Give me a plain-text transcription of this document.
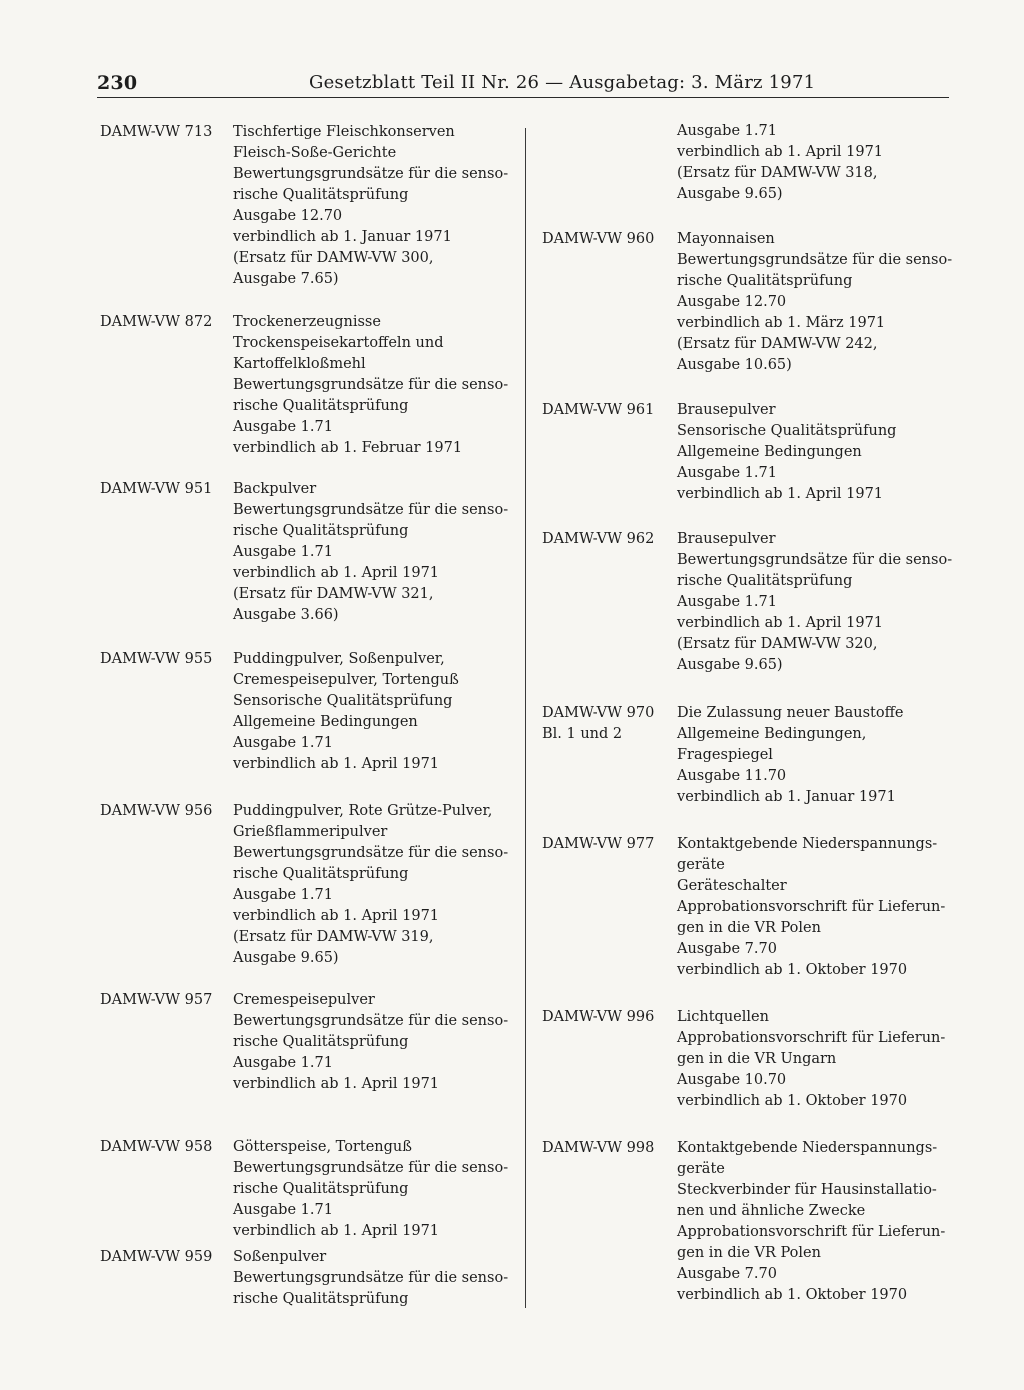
230	Gesetzblatt Teil II Nr. 26 — Ausgabetag: 3. März 1971
DAMW-VW 713 Tischfertige Fleischkonserven
Fleisch-Soße-Gerichte
Bewertungsgrundsätze für die senso-
rische Qualitätsprüfung
Ausgabe 12.70
verbindlich ab 1. Januar 1971
(Ersatz für DAMW-VW 300,
Ausgabe 7.65)
DAMW-VW 872 Trockenerzeugnisse
Trockenspeisekartoffeln und
Kartoffelkloßmehl
Bewertungsgrundsätze für die senso-
rische Qualitätsprüfung
Ausgabe 1.71
verbindlich ab 1. Februar 1971
DAMW-VW 951 Backpulver
Bewertungsgrundsätze für die senso-
rische Qualitätsprüfung
Ausgabe 1.71
verbindlich ab 1. April 1971
(Ersatz für DAMW-VW 321,
Ausgabe 3.66)
DAMW-VW 955 Puddingpulver, Soßenpulver,
Cremespeisepulver, Tortenguß
Sensorische Qualitätsprüfung
Allgemeine Bedingungen
Ausgabe 1.71
verbindlich ab 1. April 1971
DAMW-VW 956 Puddingpulver, Rote Grütze-Pulver,
Grießflammeripulver
Bewertungsgrundsätze für die senso-
rische Qualitätsprüfung
Ausgabe 1.71
verbindlich ab 1. April 1971
(Ersatz für DAMW-VW 319,
Ausgabe 9.65)
DAMW-VW 957 Cremespeisepulver
Bewertungsgrundsätze für die senso-
rische Qualitätsprüfung
Ausgabe 1.71
verbindlich ab 1. April 1971
DAMW-VW 958 Götterspeise, Tortenguß
Bewertungsgrundsätze für die senso-
rische Qualitätsprüfung
Ausgabe 1.71
verbindlich ab 1. April 1971
DAMW-VW 959 Soßenpulver
Bewertungsgrundsätze für die senso-
rische Qualitätsprüfung
Ausgabe 1.71
verbindlich ab 1. April 1971
(Ersatz für DAMW-VW 318,
Ausgabe 9.65)
DAMW-VW 960 Mayonnaisen
Bewertungsgrundsätze für die senso-
rische Qualitätsprüfung
Ausgabe 12.70
verbindlich ab 1. März 1971
(Ersatz für DAMW-VW 242,
Ausgabe 10.65)
DAMW-VW 961 Brausepulver
Sensorische Qualitätsprüfung
Allgemeine Bedingungen
Ausgabe 1.71
verbindlich ab 1. April 1971
DAMW-VW 962 Brausepulver
Bewertungsgrundsätze für die senso-
rische Qualitätsprüfung
Ausgabe 1.71
verbindlich ab 1. April 1971
(Ersatz für DAMW-VW 320,
Ausgabe 9.65)
DAMW-VW 970
Bl. 1 und 2
Die Zulassung neuer Baustoffe
Allgemeine Bedingungen,
Fragespiegel
Ausgabe 11.70
verbindlich ab 1. Januar 1971
DAMW-VW 977 Kontaktgebende Niederspannungs-
geräte
Geräteschalter
Approbationsvorschrift für Lieferun-
gen in die VR Polen
Ausgabe 7.70
verbindlich ab 1. Oktober 1970
DAMW-VW 996 Lichtquellen
Approbationsvorschrift für Lieferun-
gen in die VR Ungarn
Ausgabe 10.70
verbindlich ab 1. Oktober 1970
DAMW-VW 998 Kontaktgebende Niederspannungs-
geräte
Steckverbinder für Hausinstallatio-
nen und ähnliche Zwecke
Approbationsvorschrift für Lieferun-
gen in die VR Polen
Ausgabe 7.70
verbindlich ab 1. Oktober 1970
